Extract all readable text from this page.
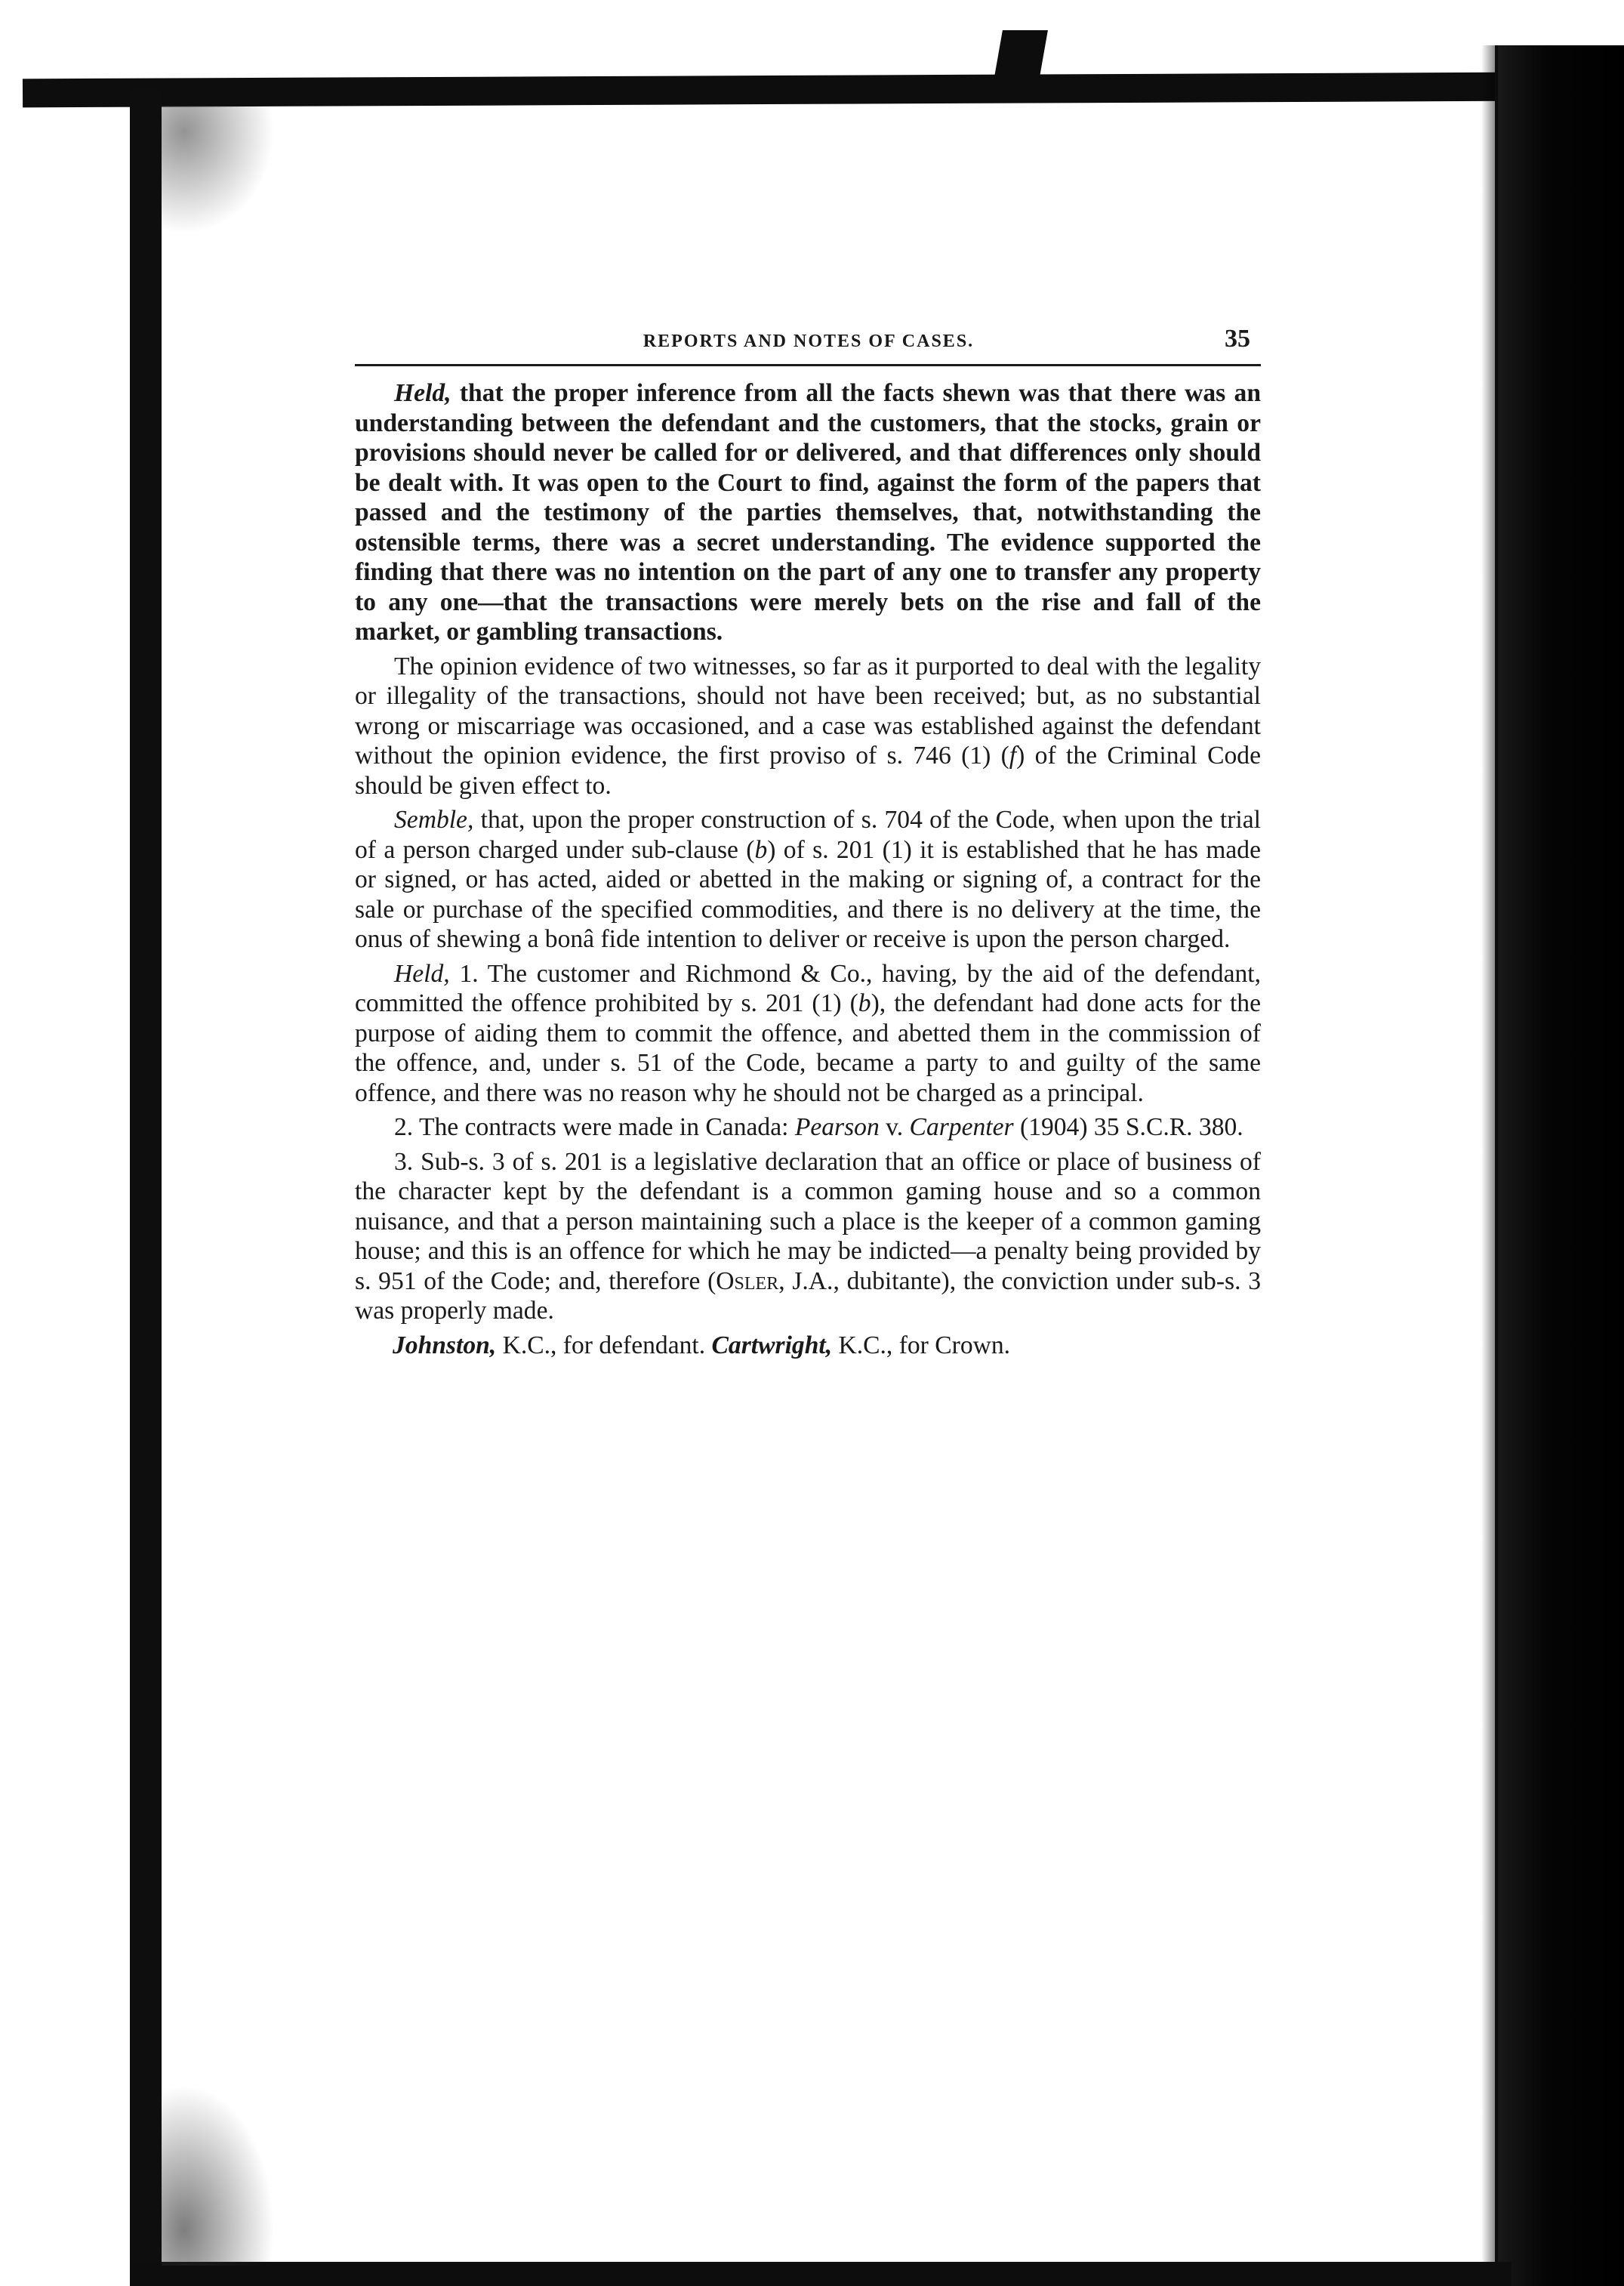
REPORTS AND NOTES OF CASES.	35

Held, that the proper inference from all the facts shewn was that there was an understanding between the defendant and the customers, that the stocks, grain or provisions should never be called for or delivered, and that differences only should be dealt with. It was open to the Court to find, against the form of the papers that passed and the testimony of the parties themselves, that, notwithstanding the ostensible terms, there was a secret understanding. The evidence supported the finding that there was no intention on the part of any one to transfer any property to any one—that the transactions were merely bets on the rise and fall of the market, or gambling transactions.

The opinion evidence of two witnesses, so far as it purported to deal with the legality or illegality of the transactions, should not have been received; but, as no substantial wrong or miscarriage was occasioned, and a case was established against the defendant without the opinion evidence, the first proviso of s. 746 (1) (f) of the Criminal Code should be given effect to.

Semble, that, upon the proper construction of s. 704 of the Code, when upon the trial of a person charged under sub-clause (b) of s. 201 (1) it is established that he has made or signed, or has acted, aided or abetted in the making or signing of, a contract for the sale or purchase of the specified commodities, and there is no delivery at the time, the onus of shewing a bonâ fide intention to deliver or receive is upon the person charged.

Held, 1. The customer and Richmond & Co., having, by the aid of the defendant, committed the offence prohibited by s. 201 (1) (b), the defendant had done acts for the purpose of aiding them to commit the offence, and abetted them in the commission of the offence, and, under s. 51 of the Code, became a party to and guilty of the same offence, and there was no reason why he should not be charged as a principal.

2. The contracts were made in Canada: Pearson v. Carpenter (1904) 35 S.C.R. 380.

3. Sub-s. 3 of s. 201 is a legislative declaration that an office or place of business of the character kept by the defendant is a common gaming house and so a common nuisance, and that a person maintaining such a place is the keeper of a common gaming house; and this is an offence for which he may be indicted—a penalty being provided by s. 951 of the Code; and, therefore (Osler, J.A., dubitante), the conviction under sub-s. 3 was properly made.

Johnston, K.C., for defendant. Cartwright, K.C., for Crown.
